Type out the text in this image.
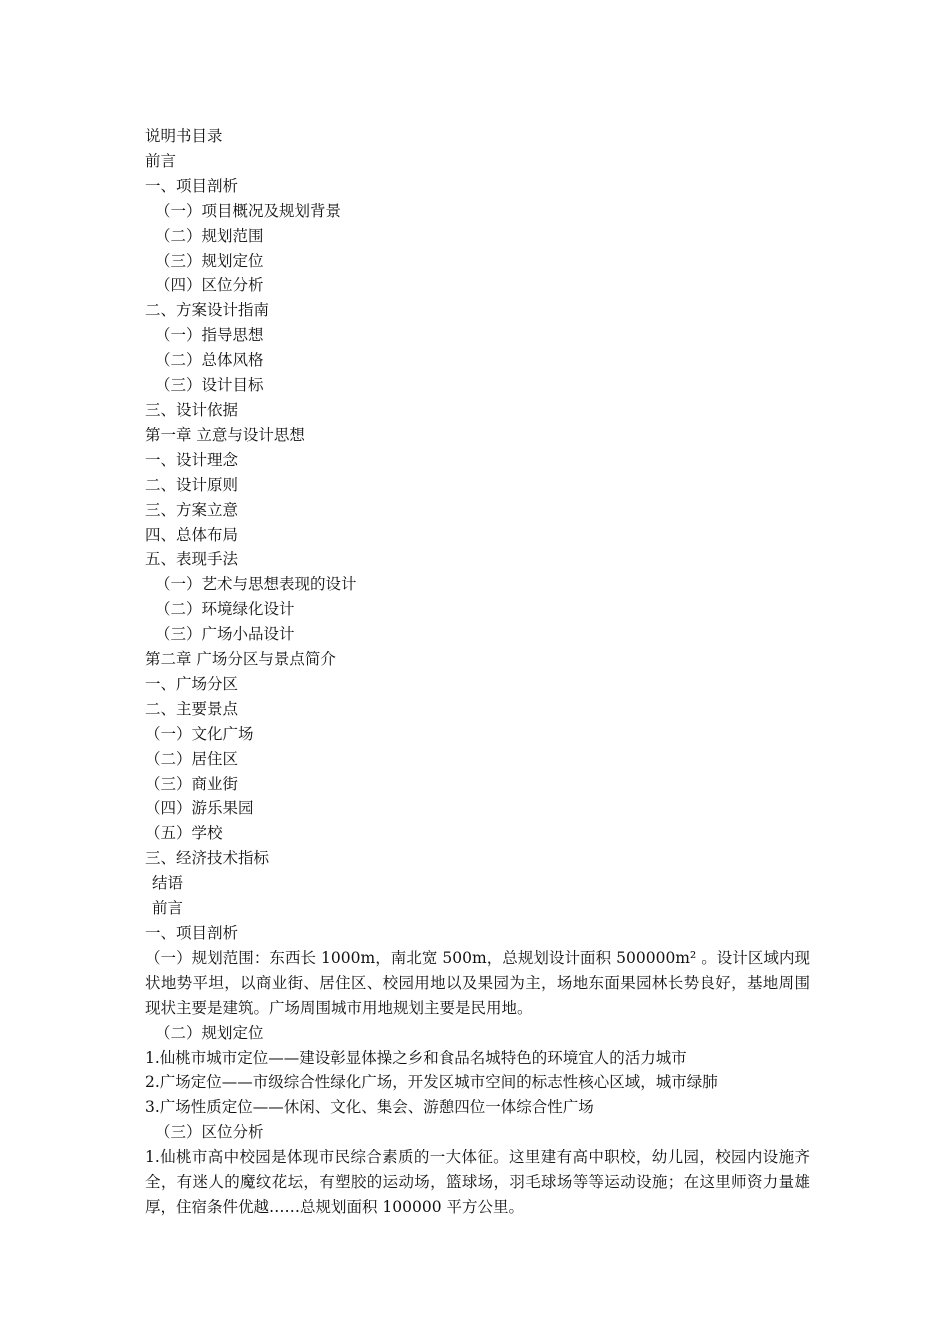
说明书目录
前言
一、项目剖析
（一）项目概况及规划背景
（二）规划范围
（三）规划定位
（四）区位分析
二、方案设计指南
（一）指导思想
（二）总体风格
（三）设计目标
三、设计依据
第一章 立意与设计思想
一、设计理念
二、设计原则
三、方案立意
四、总体布局
五、表现手法
（一）艺术与思想表现的设计
（二）环境绿化设计
（三）广场小品设计
第二章 广场分区与景点简介
一、广场分区
二、主要景点
（一）文化广场
（二）居住区
（三）商业街
（四）游乐果园
（五）学校
三、经济技术指标
结语
前言
一、项目剖析
（一）规划范围：东西长 1000m，南北宽 500m，总规划设计面积 500000m² 。设计区域内现状地势平坦，以商业街、居住区、校园用地以及果园为主，场地东面果园林长势良好，基地周围现状主要是建筑。广场周围城市用地规划主要是民用地。
（二）规划定位
1.仙桃市城市定位——建设彰显体操之乡和食品名城特色的环境宜人的活力城市
2.广场定位——市级综合性绿化广场，开发区城市空间的标志性核心区域，城市绿肺
3.广场性质定位——休闲、文化、集会、游憩四位一体综合性广场
（三）区位分析
1.仙桃市高中校园是体现市民综合素质的一大体征。这里建有高中职校，幼儿园，校园内设施齐全，有迷人的魔纹花坛，有塑胶的运动场，篮球场，羽毛球场等等运动设施；在这里师资力量雄厚，住宿条件优越……总规划面积 100000 平方公里。
